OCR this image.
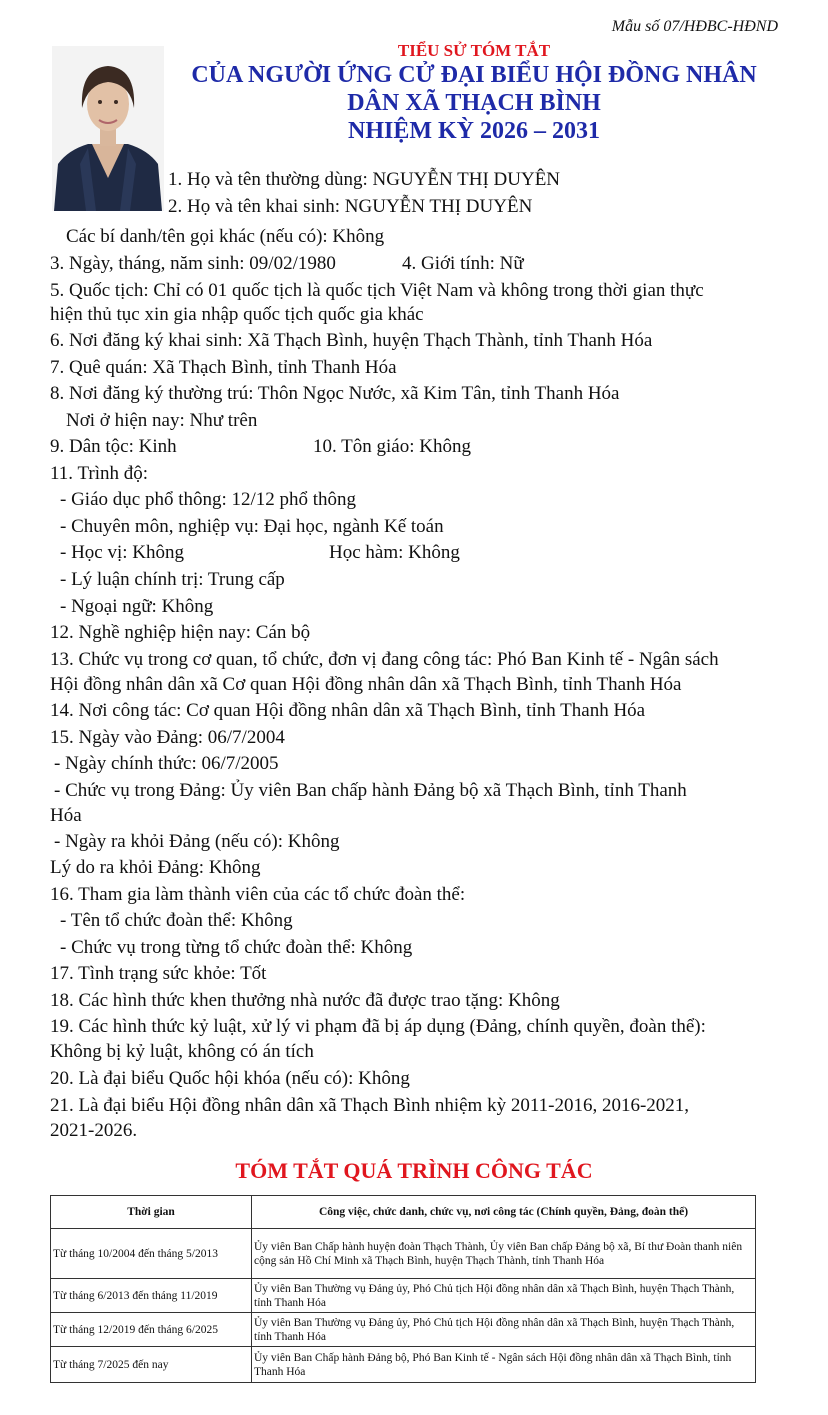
Mẫu số 07/HĐBC-HĐND
TIỂU SỬ TÓM TẮT
CỦA NGƯỜI ỨNG CỬ ĐẠI BIỂU HỘI ĐỒNG NHÂN
DÂN XÃ THẠCH BÌNH
NHIỆM KỲ 2026 – 2031
1. Họ và tên thường dùng: NGUYỄN THỊ DUYÊN
2. Họ và tên khai sinh: NGUYỄN THỊ DUYÊN
Các bí danh/tên gọi khác (nếu có): Không
3. Ngày, tháng, năm sinh: 09/02/1980	4. Giới tính: Nữ
5. Quốc tịch: Chỉ có 01 quốc tịch là quốc tịch Việt Nam và không trong thời gian thực
hiện thủ tục xin gia nhập quốc tịch quốc gia khác
6. Nơi đăng ký khai sinh: Xã Thạch Bình, huyện Thạch Thành, tỉnh Thanh Hóa
7. Quê quán: Xã Thạch Bình, tỉnh Thanh Hóa
8. Nơi đăng ký thường trú: Thôn Ngọc Nước, xã Kim Tân, tỉnh Thanh Hóa
Nơi ở hiện nay: Như trên
9. Dân tộc: Kinh	10. Tôn giáo: Không
11. Trình độ:
- Giáo dục phổ thông: 12/12 phổ thông
- Chuyên môn, nghiệp vụ: Đại học, ngành Kế toán
- Học vị: Không	Học hàm: Không
- Lý luận chính trị: Trung cấp
- Ngoại ngữ: Không
12. Nghề nghiệp hiện nay: Cán bộ
13. Chức vụ trong cơ quan, tổ chức, đơn vị đang công tác: Phó Ban Kinh tế - Ngân sách
Hội đồng nhân dân xã Cơ quan Hội đồng nhân dân xã Thạch Bình, tỉnh Thanh Hóa
14. Nơi công tác: Cơ quan Hội đồng nhân dân xã Thạch Bình, tỉnh Thanh Hóa
15. Ngày vào Đảng: 06/7/2004
- Ngày chính thức: 06/7/2005
- Chức vụ trong Đảng: Ủy viên Ban chấp hành Đảng bộ xã Thạch Bình, tỉnh Thanh
Hóa
- Ngày ra khỏi Đảng (nếu có): Không
Lý do ra khỏi Đảng: Không
16. Tham gia làm thành viên của các tổ chức đoàn thể:
- Tên tổ chức đoàn thể: Không
- Chức vụ trong từng tổ chức đoàn thể: Không
17. Tình trạng sức khỏe: Tốt
18. Các hình thức khen thưởng nhà nước đã được trao tặng: Không
19. Các hình thức kỷ luật, xử lý vi phạm đã bị áp dụng (Đảng, chính quyền, đoàn thể):
Không bị kỷ luật, không có án tích
20. Là đại biểu Quốc hội khóa (nếu có): Không
21. Là đại biểu Hội đồng nhân dân xã Thạch Bình nhiệm kỳ 2011-2016, 2016-2021,
2021-2026.
TÓM TẮT QUÁ TRÌNH CÔNG TÁC
Thời gian	Công việc, chức danh, chức vụ, nơi công tác (Chính quyền, Đảng, đoàn thể)
Từ tháng 10/2004 đến tháng 5/2013	Ủy viên Ban Chấp hành huyện đoàn Thạch Thành, Ủy viên Ban chấp Đảng bộ xã, Bí thư Đoàn thanh niên cộng sản Hồ Chí Minh xã Thạch Bình, huyện Thạch Thành, tỉnh Thanh Hóa
Từ tháng 6/2013 đến tháng 11/2019	Ủy viên Ban Thường vụ Đảng ủy, Phó Chủ tịch Hội đồng nhân dân xã Thạch Bình, huyện Thạch Thành, tỉnh Thanh Hóa
Từ tháng 12/2019 đến tháng 6/2025	Ủy viên Ban Thường vụ Đảng ủy, Phó Chủ tịch Hội đồng nhân dân xã Thạch Bình, huyện Thạch Thành, tỉnh Thanh Hóa
Từ tháng 7/2025 đến nay	Ủy viên Ban Chấp hành Đảng bộ, Phó Ban Kinh tế - Ngân sách Hội đồng nhân dân xã Thạch Bình, tỉnh Thanh Hóa
